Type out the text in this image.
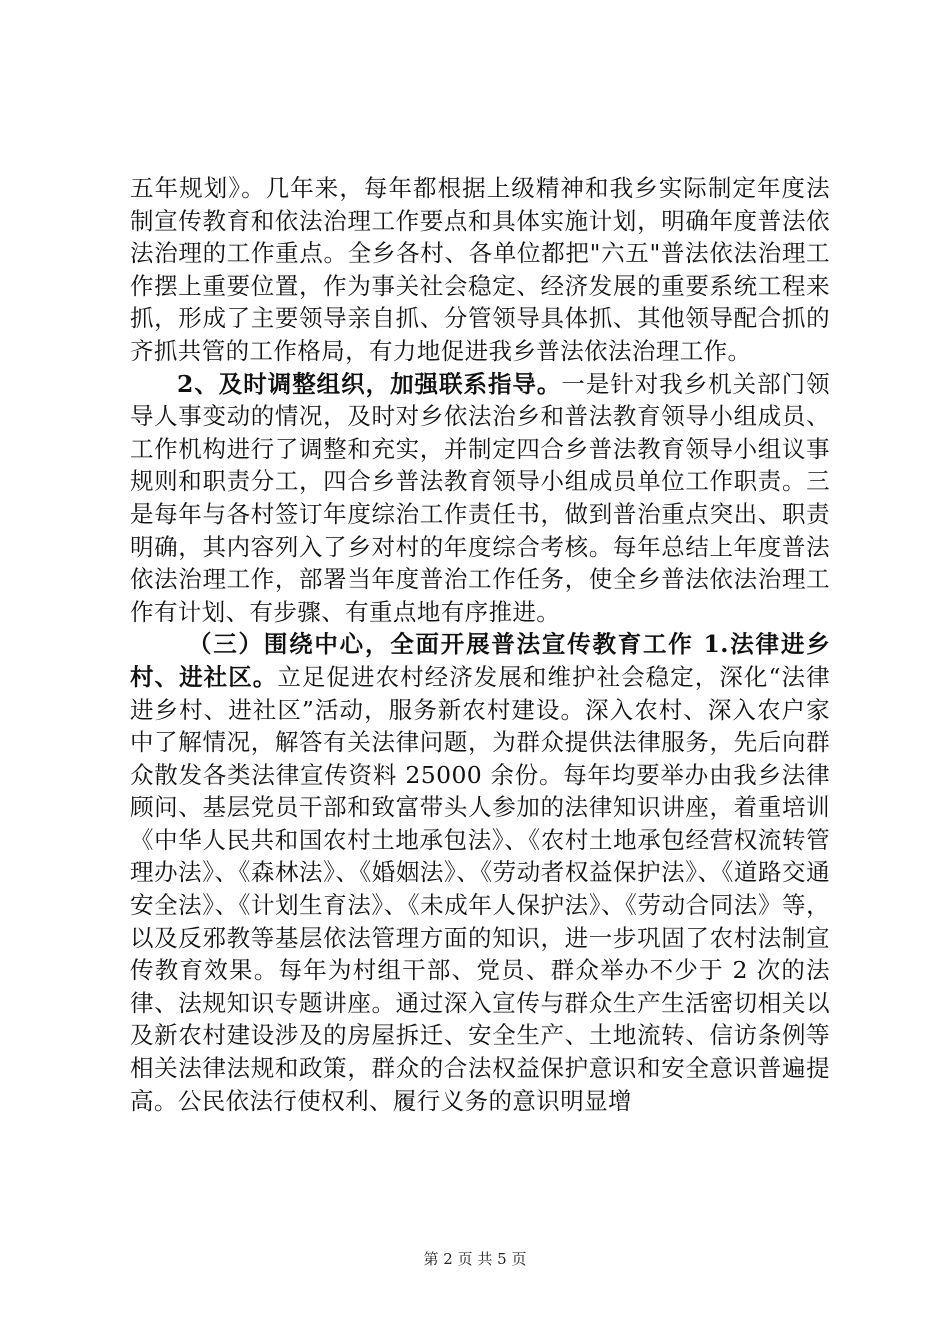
五年规划》。几年来，每年都根据上级精神和我乡实际制定年度法制宣传教育和依法治理工作要点和具体实施计划，明确年度普法依法治理的工作重点。全乡各村、各单位都把"六五"普法依法治理工作摆上重要位置，作为事关社会稳定、经济发展的重要系统工程来抓，形成了主要领导亲自抓、分管领导具体抓、其他领导配合抓的齐抓共管的工作格局，有力地促进我乡普法依法治理工作。

2、及时调整组织，加强联系指导。一是针对我乡机关部门领导人事变动的情况，及时对乡依法治乡和普法教育领导小组成员、工作机构进行了调整和充实，并制定四合乡普法教育领导小组议事规则和职责分工，四合乡普法教育领导小组成员单位工作职责。三是每年与各村签订年度综治工作责任书，做到普治重点突出、职责明确，其内容列入了乡对村的年度综合考核。每年总结上年度普法依法治理工作，部署当年度普治工作任务，使全乡普法依法治理工作有计划、有步骤、有重点地有序推进。

（三）围绕中心，全面开展普法宣传教育工作 1.法律进乡村、进社区。立足促进农村经济发展和维护社会稳定，深化“法律进乡村、进社区”活动，服务新农村建设。深入农村、深入农户家中了解情况，解答有关法律问题，为群众提供法律服务，先后向群众散发各类法律宣传资料 25000 余份。每年均要举办由我乡法律顾问、基层党员干部和致富带头人参加的法律知识讲座，着重培训《中华人民共和国农村土地承包法》、《农村土地承包经营权流转管理办法》、《森林法》、《婚姻法》、《劳动者权益保护法》、《道路交通安全法》、《计划生育法》、《未成年人保护法》、《劳动合同法》等，以及反邪教等基层依法管理方面的知识，进一步巩固了农村法制宣传教育效果。每年为村组干部、党员、群众举办不少于 2 次的法律、法规知识专题讲座。通过深入宣传与群众生产生活密切相关以及新农村建设涉及的房屋拆迁、安全生产、土地流转、信访条例等相关法律法规和政策，群众的合法权益保护意识和安全意识普遍提高。公民依法行使权利、履行义务的意识明显增

第 2 页 共 5 页
